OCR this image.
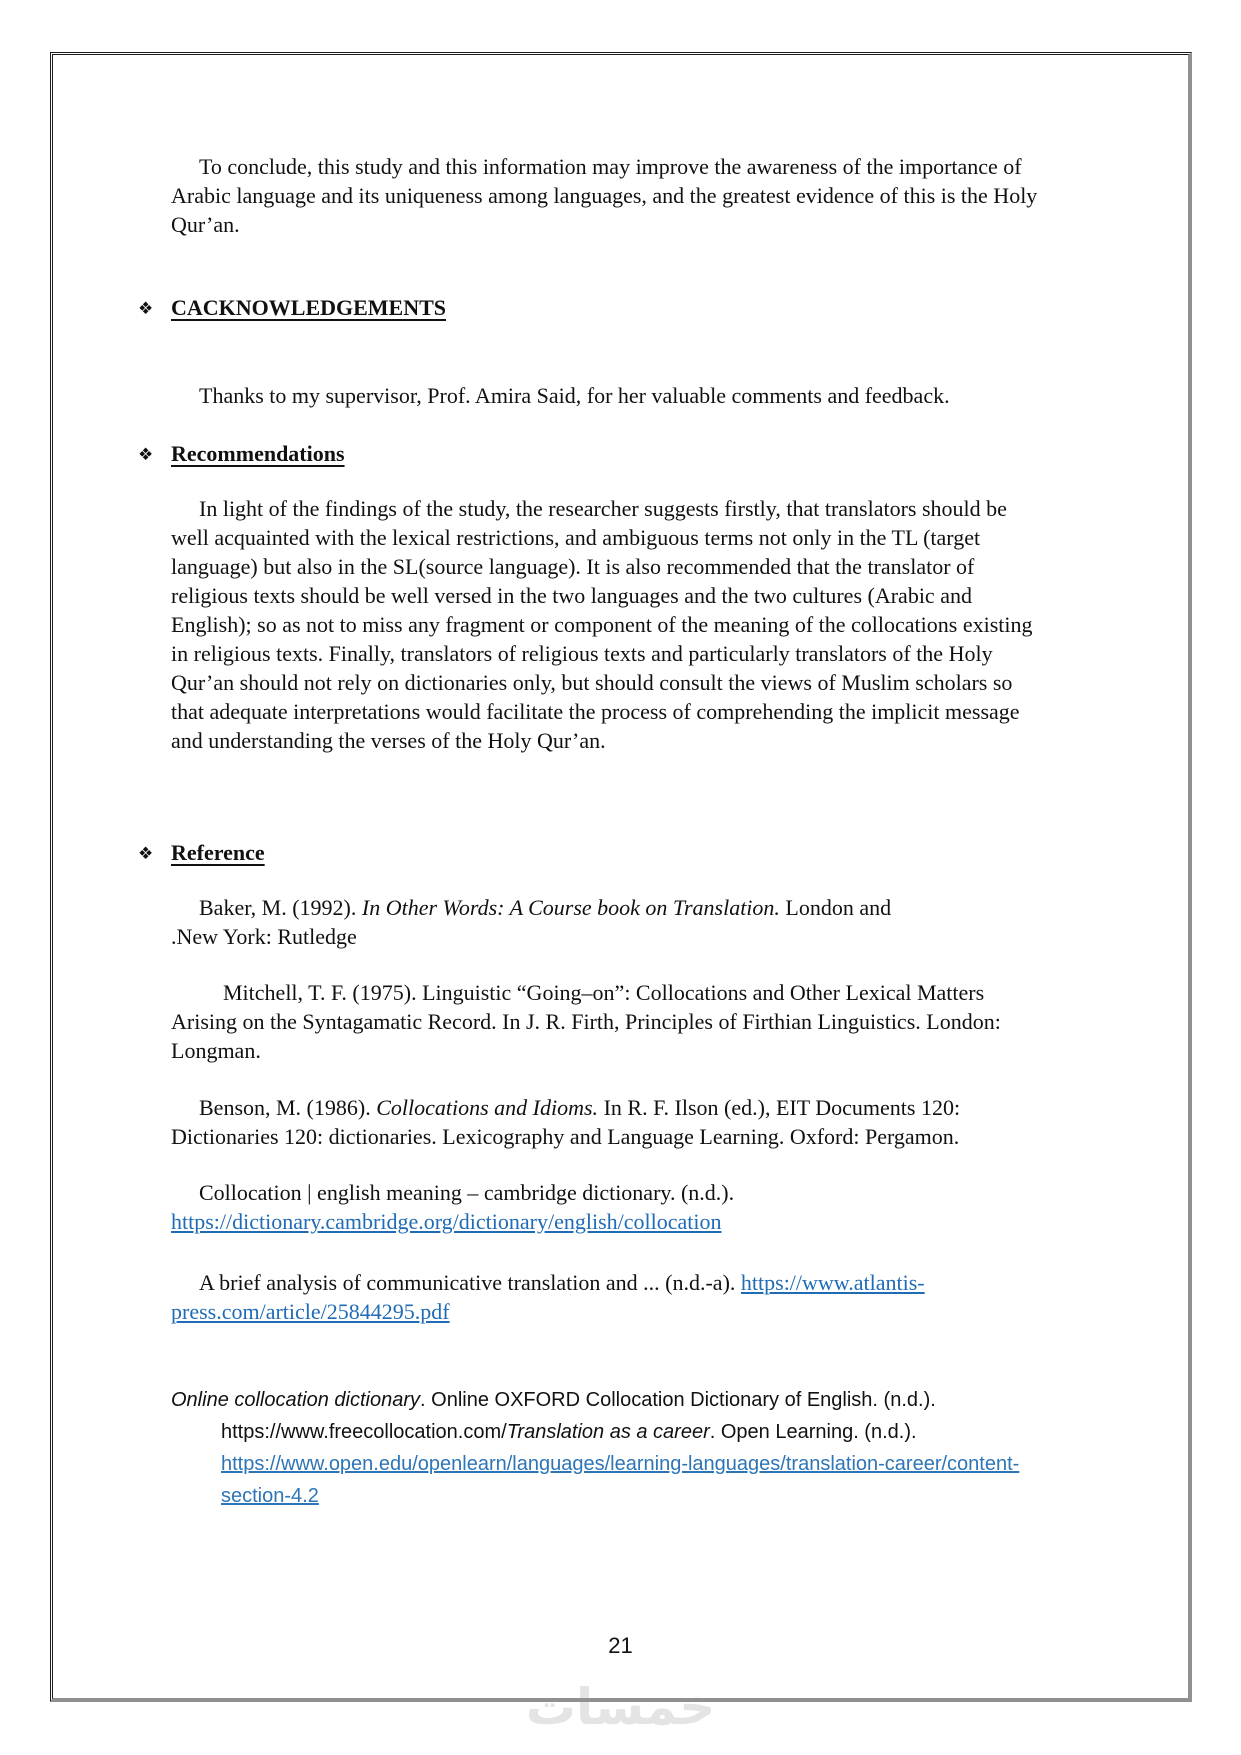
خمسات

To conclude, this study and this information may improve the awareness of the importance of Arabic language and its uniqueness among languages, and the greatest evidence of this is the Holy Qur’an.

❖ CACKNOWLEDGEMENTS

Thanks to my supervisor, Prof. Amira Said, for her valuable comments and feedback.

❖ Recommendations

In light of the findings of the study, the researcher suggests firstly, that translators should be well acquainted with the lexical restrictions, and ambiguous terms not only in the TL (target language) but also in the SL(source language). It is also recommended that the translator of religious texts should be well versed in the two languages and the two cultures (Arabic and English); so as not to miss any fragment or component of the meaning of the collocations existing in religious texts. Finally, translators of religious texts and particularly translators of the Holy Qur’an should not rely on dictionaries only, but should consult the views of Muslim scholars so that adequate interpretations would facilitate the process of comprehending the implicit message and understanding the verses of the Holy Qur’an.

❖ Reference

Baker, M. (1992). In Other Words: A Course book on Translation. London and
.New York: Rutledge

Mitchell, T. F. (1975). Linguistic “Going–on”: Collocations and Other Lexical Matters Arising on the Syntagamatic Record. In J. R. Firth, Principles of Firthian Linguistics. London: Longman.

Benson, M. (1986). Collocations and Idioms. In R. F. Ilson (ed.), EIT Documents 120: Dictionaries 120: dictionaries. Lexicography and Language Learning. Oxford: Pergamon.

Collocation | english meaning – cambridge dictionary. (n.d.).
https://dictionary.cambridge.org/dictionary/english/collocation

A brief analysis of communicative translation and ... (n.d.-a). https://www.atlantis-press.com/article/25844295.pdf

Online collocation dictionary. Online OXFORD Collocation Dictionary of English. (n.d.).
https://www.freecollocation.com/Translation as a career. Open Learning. (n.d.).
https://www.open.edu/openlearn/languages/learning-languages/translation-career/content-section-4.2
21
